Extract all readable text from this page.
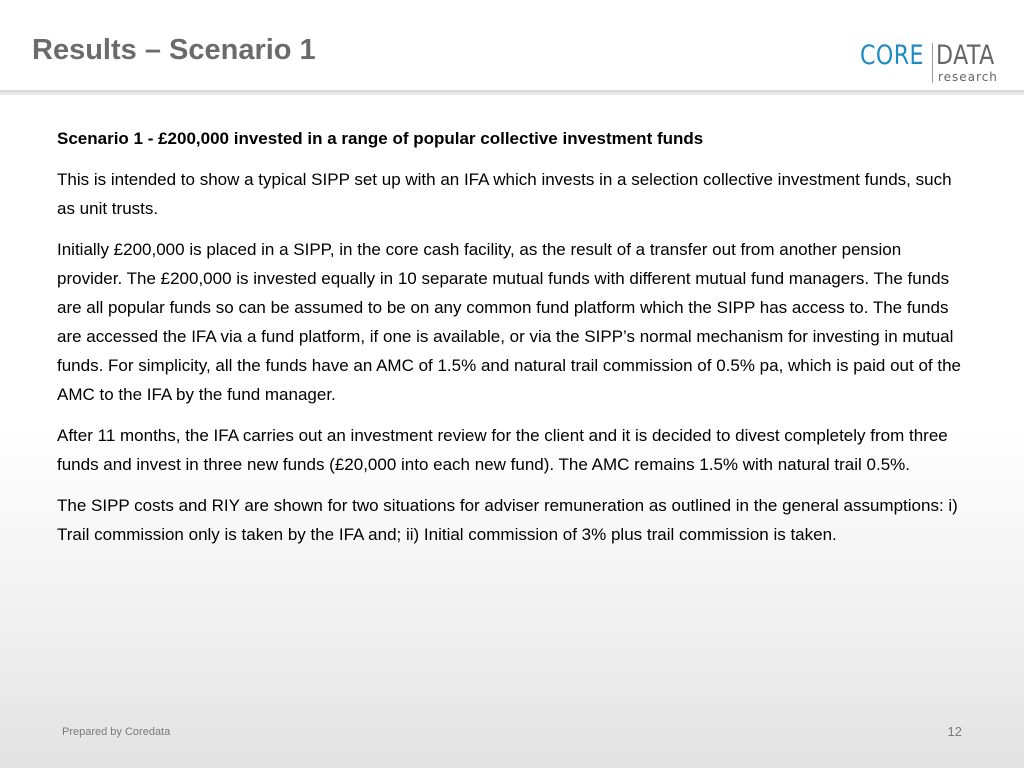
Results – Scenario 1	CORE DATA
research

Scenario 1 - £200,000 invested in a range of popular collective investment funds

This is intended to show a typical SIPP set up with an IFA which invests in a selection collective investment funds, such as unit trusts.

Initially £200,000 is placed in a SIPP, in the core cash facility, as the result of a transfer out from another pension provider. The £200,000 is invested equally in 10 separate mutual funds with different mutual fund managers. The funds are all popular funds so can be assumed to be on any common fund platform which the SIPP has access to. The funds are accessed the IFA via a fund platform, if one is available, or via the SIPP’s normal mechanism for investing in mutual funds. For simplicity, all the funds have an AMC of 1.5% and natural trail commission of 0.5% pa, which is paid out of the AMC to the IFA by the fund manager.

After 11 months, the IFA carries out an investment review for the client and it is decided to divest completely from three funds and invest in three new funds (£20,000 into each new fund). The AMC remains 1.5% with natural trail 0.5%.

The SIPP costs and RIY are shown for two situations for adviser remuneration as outlined in the general assumptions: i) Trail commission only is taken by the IFA and; ii) Initial commission of 3% plus trail commission is taken.

Prepared by Coredata	12
